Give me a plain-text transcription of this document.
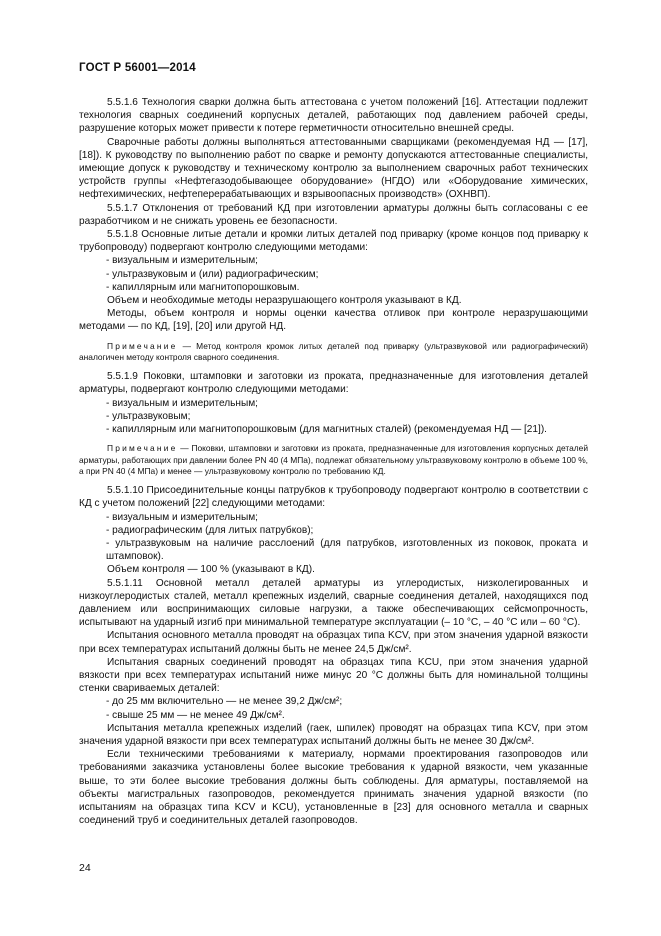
ГОСТ Р 56001—2014

5.5.1.6 Технология сварки должна быть аттестована с учетом положений [16]. Аттестации подлежит технология сварных соединений корпусных деталей, работающих под давлением рабочей среды, разрушение которых может привести к потере герметичности относительно внешней среды.

Сварочные работы должны выполняться аттестованными сварщиками (рекомендуемая НД — [17], [18]). К руководству по выполнению работ по сварке и ремонту допускаются аттестованные специалисты, имеющие допуск к руководству и техническому контролю за выполнением сварочных работ технических устройств группы «Нефтегазодобывающее оборудование» (НГДО) или «Оборудование химических, нефтехимических, нефтеперерабатывающих и взрывоопасных производств» (ОХНВП).

5.5.1.7 Отклонения от требований КД при изготовлении арматуры должны быть согласованы с ее разработчиком и не снижать уровень ее безопасности.

5.5.1.8 Основные литые детали и кромки литых деталей под приварку (кроме концов под приварку к трубопроводу) подвергают контролю следующими методами:

- визуальным и измерительным;

- ультразвуковым и (или) радиографическим;

- капиллярным или магнитопорошковым.

Объем и необходимые методы неразрушающего контроля указывают в КД.

Методы, объем контроля и нормы оценки качества отливок при контроле неразрушающими методами — по КД, [19], [20] или другой НД.

Примечание — Метод контроля кромок литых деталей под приварку (ультразвуковой или радиографический) аналогичен методу контроля сварного соединения.

5.5.1.9 Поковки, штамповки и заготовки из проката, предназначенные для изготовления деталей арматуры, подвергают контролю следующими методами:

- визуальным и измерительным;

- ультразвуковым;

- капиллярным или магнитопорошковым (для магнитных сталей) (рекомендуемая НД — [21]).

Примечание — Поковки, штамповки и заготовки из проката, предназначенные для изготовления корпусных деталей арматуры, работающих при давлении более PN 40 (4 МПа), подлежат обязательному ультразвуковому контролю в объеме 100 %, а при PN 40 (4 МПа) и менее — ультразвуковому контролю по требованию КД.

5.5.1.10 Присоединительные концы патрубков к трубопроводу подвергают контролю в соответствии с КД с учетом положений [22] следующими методами:

- визуальным и измерительным;

- радиографическим (для литых патрубков);

- ультразвуковым на наличие расслоений (для патрубков, изготовленных из поковок, проката и штамповок).

Объем контроля — 100 % (указывают в КД).

5.5.1.11 Основной металл деталей арматуры из углеродистых, низколегированных и низкоуглеродистых сталей, металл крепежных изделий, сварные соединения деталей, находящихся под давлением или воспринимающих силовые нагрузки, а также обеспечивающих сейсмопрочность, испытывают на ударный изгиб при минимальной температуре эксплуатации (– 10 °С, – 40 °С или – 60 °С).

Испытания основного металла проводят на образцах типа KCV, при этом значения ударной вязкости при всех температурах испытаний должны быть не менее 24,5 Дж/см².

Испытания сварных соединений проводят на образцах типа KCU, при этом значения ударной вязкости при всех температурах испытаний ниже минус 20 °С должны быть для номинальной толщины стенки свариваемых деталей:

- до 25 мм включительно — не менее 39,2 Дж/см²;

- свыше 25 мм — не менее 49 Дж/см².

Испытания металла крепежных изделий (гаек, шпилек) проводят на образцах типа KCV, при этом значения ударной вязкости при всех температурах испытаний должны быть не менее 30 Дж/см².

Если техническими требованиями к материалу, нормами проектирования газопроводов или требованиями заказчика установлены более высокие требования к ударной вязкости, чем указанные выше, то эти более высокие требования должны быть соблюдены. Для арматуры, поставляемой на объекты магистральных газопроводов, рекомендуется принимать значения ударной вязкости (по испытаниям на образцах типа KCV и KCU), установленные в [23] для основного металла и сварных соединений труб и соединительных деталей газопроводов.

24
